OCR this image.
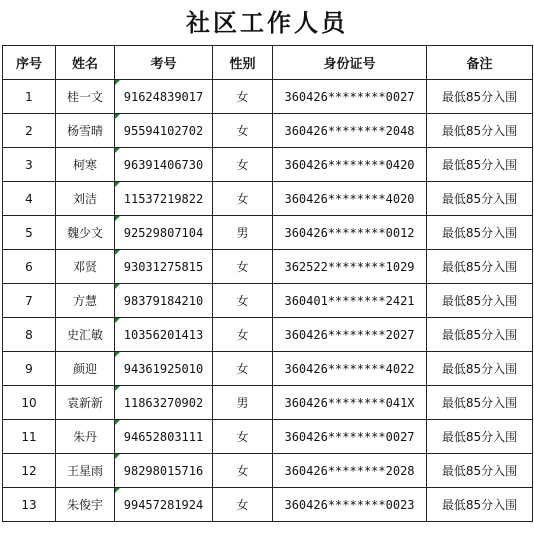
社区工作人员
序号	姓名	考号	性别	身份证号	备注
1	桂一文	91624839017	女	360426********0027	最低85分入围
2	杨雪晴	95594102702	女	360426********2048	最低85分入围
3	柯寒	96391406730	女	360426********0420	最低85分入围
4	刘洁	11537219822	女	360426********4020	最低85分入围
5	魏少文	92529807104	男	360426********0012	最低85分入围
6	邓贤	93031275815	女	362522********1029	最低85分入围
7	方慧	98379184210	女	360401********2421	最低85分入围
8	史汇敏	10356201413	女	360426********2027	最低85分入围
9	颜迎	94361925010	女	360426********4022	最低85分入围
10	袁新新	11863270902	男	360426********041X	最低85分入围
11	朱丹	94652803111	女	360426********0027	最低85分入围
12	王星雨	98298015716	女	360426********2028	最低85分入围
13	朱俊宇	99457281924	女	360426********0023	最低85分入围
